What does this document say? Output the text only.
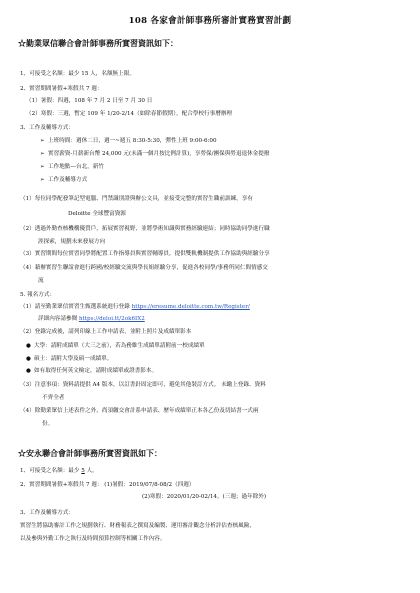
108 各家會計師事務所審計實務實習計劃
☆勤業眾信聯合會計師事務所實習資訊如下：
1、可接受之名額：最少 15 人，名額無上限。
2、實習期間暑假+寒假共 7 週：
（1）暑假：四週，108 年 7 月 2 日至 7 月 30 日
（2）寒假：三週，暫定 109 年 1/20-2/14（如除春節假期），配合學校行事曆辦理
3、工作及輔導方式：
➢ 上班時間：週休二日，週一~週五 8:30-5:30，彈性上班 9:00-6:00
➢ 實習薪資-月薪新台幣 24,000 元(未滿一個月按比例計算)，享勞保/團保與勞退退休金提撥
➢ 工作地點—台北，新竹
➢ 工作及輔導方式
（1）每位同學配發筆記型電腦、門禁識別證與辦公文具，並接受完整的實習生職前訓練，享有
Deloitte 全球豐富資源
（2）透過外勤查核機構優質戶，拓展實習視野，並將學術知識與實務經驗連結；同時協助同學進行職
涯探索，規劃未來發展方向
（3）實習期間每位實習同學將配置工作指導員與實習輔導員，提供雙軌機制提供工作協助與經驗分享
（4）藉辦實習生聯誼會進行跨國/校經驗交流與學長姐經驗分享，促進各校同學/事務所同仁間情感交
流
5. 報名方式：
（1）請至勤業眾信實習生甄選系統進行登錄 https://eresume.deloitte.com.tw/Register/
詳細內容請參閱 https://deloi.tt/2ok6IX2
（2）登錄完成後，請列印線上工作申請表，並附上照片及成績單影本
● 大學：請附成績單（大三之前），若為務維生成績單請附前一校成績單
● 碩士：請附大學及碩一成績單。
● 如有取得任何英文檢定，請附成績單或證書影本。
（3）注意事項：資料請提供 A4 版本，以訂書針固定即可，避免其他裝訂方式。 未繳上登錄、資料
不齊全者
（4）除勤業眾信上述表件之外，尚須繳交會計系申請表、歷年成績單正本各乙份及切結書一式兩
份。
☆安永聯合會計師事務所實習資訊如下：
1、可接受之名額：最少 5 人。
2、實習期間暑假+寒假共 7 週： (1)暑假：2019/07/8-08/2（四週）
(2)寒假：2020/01/20-02/14。(三週；過年除外)
3、工作及輔導方式：
實習生將協助審計工作之規劃執行、財務報表之撰寫及編製、運用審計觀念分析評估查核風險，
以及參與外勤工作之執行及時間預算控制等相關工作內容。
